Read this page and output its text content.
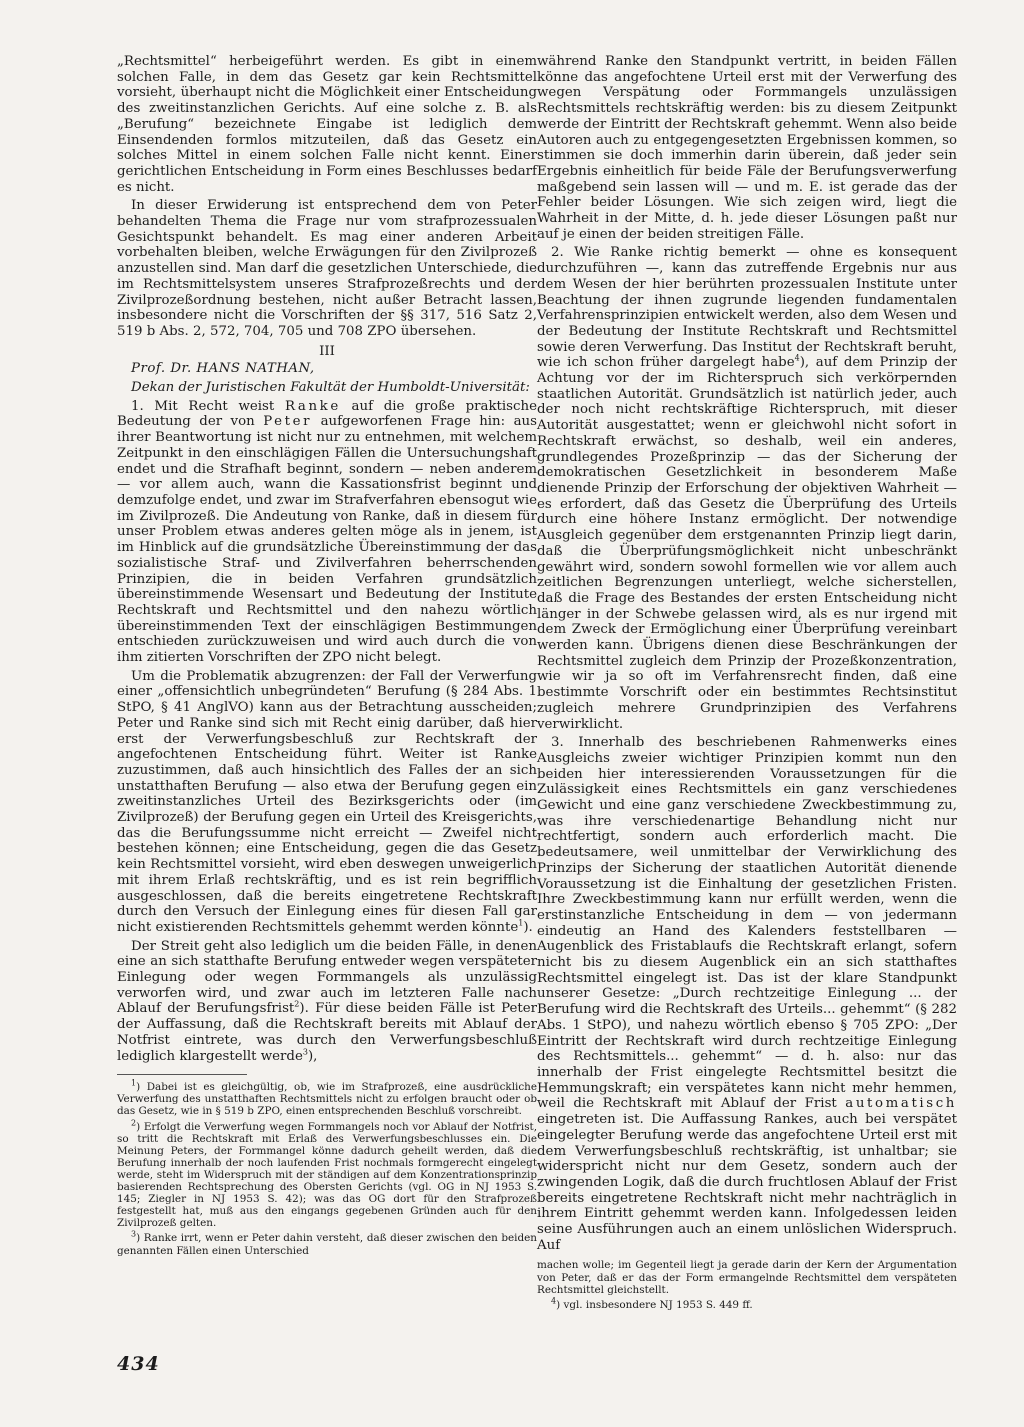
„Rechtsmittel“ herbeigeführt werden. Es gibt in einem solchen Falle, in dem das Gesetz gar kein Rechtsmittel vorsieht, überhaupt nicht die Möglichkeit einer Entscheidung des zweitinstanzlichen Gerichts. Auf eine solche z. B. als „Berufung“ bezeichnete Eingabe ist lediglich dem Einsendenden formlos mitzuteilen, daß das Gesetz ein solches Mittel in einem solchen Falle nicht kennt. Einer gerichtlichen Entscheidung in Form eines Beschlusses bedarf es nicht.

In dieser Erwiderung ist entsprechend dem von Peter behandelten Thema die Frage nur vom strafprozessualen Gesichtspunkt behandelt. Es mag einer anderen Arbeit vorbehalten bleiben, welche Erwägungen für den Zivilprozeß anzustellen sind. Man darf die gesetzlichen Unterschiede, die im Rechtsmittelsystem unseres Strafprozeßrechts und der Zivilprozeßordnung bestehen, nicht außer Betracht lassen, insbesondere nicht die Vorschriften der §§ 317, 516 Satz 2, 519 b Abs. 2, 572, 704, 705 und 708 ZPO übersehen.

III

Prof. Dr. HANS NATHAN,

Dekan der Juristischen Fakultät der Humboldt-Universität:

1. Mit Recht weist Ranke auf die große praktische Bedeutung der von Peter aufgeworfenen Frage hin: aus ihrer Beantwortung ist nicht nur zu entnehmen, mit welchem Zeitpunkt in den einschlägigen Fällen die Untersuchungshaft endet und die Strafhaft beginnt, sondern — neben anderem — vor allem auch, wann die Kassationsfrist beginnt und demzufolge endet, und zwar im Strafverfahren ebensogut wie im Zivilprozeß. Die Andeutung von Ranke, daß in diesem für unser Problem etwas anderes gelten möge als in jenem, ist im Hinblick auf die grundsätzliche Übereinstimmung der das sozialistische Straf- und Zivilverfahren beherrschenden Prinzipien, die in beiden Verfahren grundsätzlich übereinstimmende Wesensart und Bedeutung der Institute Rechtskraft und Rechtsmittel und den nahezu wörtlich übereinstimmenden Text der einschlägigen Bestimmungen entschieden zurückzuweisen und wird auch durch die von ihm zitierten Vorschriften der ZPO nicht belegt.

Um die Problematik abzugrenzen: der Fall der Verwerfung einer „offensichtlich unbegründeten“ Berufung (§ 284 Abs. 1 StPO, § 41 AnglVO) kann aus der Betrachtung ausscheiden; Peter und Ranke sind sich mit Recht einig darüber, daß hier erst der Verwerfungsbeschluß zur Rechtskraft der angefochtenen Entscheidung führt. Weiter ist Ranke zuzustimmen, daß auch hinsichtlich des Falles der an sich unstatthaften Berufung — also etwa der Berufung gegen ein zweitinstanzliches Urteil des Bezirksgerichts oder (im Zivilprozeß) der Berufung gegen ein Urteil des Kreisgerichts, das die Berufungssumme nicht erreicht — Zweifel nicht bestehen können; eine Entscheidung, gegen die das Gesetz kein Rechtsmittel vorsieht, wird eben deswegen unweigerlich mit ihrem Erlaß rechtskräftig, und es ist rein begrifflich ausgeschlossen, daß die bereits eingetretene Rechtskraft durch den Versuch der Einlegung eines für diesen Fall gar nicht existierenden Rechtsmittels gehemmt werden könnte$^1$).

Der Streit geht also lediglich um die beiden Fälle, in denen eine an sich statthafte Berufung entweder wegen verspäteter Einlegung oder wegen Formmangels als unzulässig verworfen wird, und zwar auch im letzteren Falle nach Ablauf der Berufungsfrist$^2$). Für diese beiden Fälle ist Peter der Auffassung, daß die Rechtskraft bereits mit Ablauf der Notfrist eintrete, was durch den Verwerfungsbeschluß lediglich klargestellt werde$^3$),

$^1$) Dabei ist es gleichgültig, ob, wie im Strafprozeß, eine ausdrückliche Verwerfung des unstatthaften Rechtsmittels nicht zu erfolgen braucht oder ob das Gesetz, wie in § 519 b ZPO, einen entsprechenden Beschluß vorschreibt.

$^2$) Erfolgt die Verwerfung wegen Formmangels noch vor Ablauf der Notfrist, so tritt die Rechtskraft mit Erlaß des Verwerfungsbeschlusses ein. Die Meinung Peters, der Formmangel könne dadurch geheilt werden, daß die Berufung innerhalb der noch laufenden Frist nochmals formgerecht eingelegt werde, steht im Widerspruch mit der ständigen auf dem Konzentrationsprinzip basierenden Rechtsprechung des Obersten Gerichts (vgl. OG in NJ 1953 S. 145; Ziegler in NJ 1953 S. 42); was das OG dort für den Strafprozeß festgestellt hat, muß aus den eingangs gegebenen Gründen auch für den Zivilprozeß gelten.

$^3$) Ranke irrt, wenn er Peter dahin versteht, daß dieser zwischen den beiden genannten Fällen einen Unterschied

während Ranke den Standpunkt vertritt, in beiden Fällen könne das angefochtene Urteil erst mit der Verwerfung des wegen Verspätung oder Formmangels unzulässigen Rechtsmittels rechtskräftig werden: bis zu diesem Zeitpunkt werde der Eintritt der Rechtskraft gehemmt. Wenn also beide Autoren auch zu entgegengesetzten Ergebnissen kommen, so stimmen sie doch immerhin darin überein, daß jeder sein Ergebnis einheitlich für beide Fäle der Berufungsverwerfung maßgebend sein lassen will — und m. E. ist gerade das der Fehler beider Lösungen. Wie sich zeigen wird, liegt die Wahrheit in der Mitte, d. h. jede dieser Lösungen paßt nur auf je einen der beiden streitigen Fälle.

2. Wie Ranke richtig bemerkt — ohne es konsequent durchzuführen —, kann das zutreffende Ergebnis nur aus dem Wesen der hier berührten prozessualen Institute unter Beachtung der ihnen zugrunde liegenden fundamentalen Verfahrensprinzipien entwickelt werden, also dem Wesen und der Bedeutung der Institute Rechtskraft und Rechtsmittel sowie deren Verwerfung. Das Institut der Rechtskraft beruht, wie ich schon früher dargelegt habe$^4$), auf dem Prinzip der Achtung vor der im Richterspruch sich verkörpernden staatlichen Autorität. Grundsätzlich ist natürlich jeder, auch der noch nicht rechtskräftige Richterspruch, mit dieser Autorität ausgestattet; wenn er gleichwohl nicht sofort in Rechtskraft erwächst, so deshalb, weil ein anderes, grundlegendes Prozeßprinzip — das der Sicherung der demokratischen Gesetzlichkeit in besonderem Maße dienende Prinzip der Erforschung der objektiven Wahrheit — es erfordert, daß das Gesetz die Überprüfung des Urteils durch eine höhere Instanz ermöglicht. Der notwendige Ausgleich gegenüber dem erstgenannten Prinzip liegt darin, daß die Überprüfungsmöglichkeit nicht unbeschränkt gewährt wird, sondern sowohl formellen wie vor allem auch zeitlichen Begrenzungen unterliegt, welche sicherstellen, daß die Frage des Bestandes der ersten Entscheidung nicht länger in der Schwebe gelassen wird, als es nur irgend mit dem Zweck der Ermöglichung einer Überprüfung vereinbart werden kann. Übrigens dienen diese Beschränkungen der Rechtsmittel zugleich dem Prinzip der Prozeßkonzentration, wie wir ja so oft im Verfahrensrecht finden, daß eine bestimmte Vorschrift oder ein bestimmtes Rechtsinstitut zugleich mehrere Grundprinzipien des Verfahrens verwirklicht.

3. Innerhalb des beschriebenen Rahmenwerks eines Ausgleichs zweier wichtiger Prinzipien kommt nun den beiden hier interessierenden Voraussetzungen für die Zulässigkeit eines Rechtsmittels ein ganz verschiedenes Gewicht und eine ganz verschiedene Zweckbestimmung zu, was ihre verschiedenartige Behandlung nicht nur rechtfertigt, sondern auch erforderlich macht. Die bedeutsamere, weil unmittelbar der Verwirklichung des Prinzips der Sicherung der staatlichen Autorität dienende Voraussetzung ist die Einhaltung der gesetzlichen Fristen. Ihre Zweckbestimmung kann nur erfüllt werden, wenn die erstinstanzliche Entscheidung in dem — von jedermann eindeutig an Hand des Kalenders feststellbaren — Augenblick des Fristablaufs die Rechtskraft erlangt, sofern nicht bis zu diesem Augenblick ein an sich statthaftes Rechtsmittel eingelegt ist. Das ist der klare Standpunkt unserer Gesetze: „Durch rechtzeitige Einlegung ... der Berufung wird die Rechtskraft des Urteils... gehemmt“ (§ 282 Abs. 1 StPO), und nahezu wörtlich ebenso § 705 ZPO: „Der Eintritt der Rechtskraft wird durch rechtzeitige Einlegung des Rechtsmittels... gehemmt“ — d. h. also: nur das innerhalb der Frist eingelegte Rechtsmittel besitzt die Hemmungskraft; ein verspätetes kann nicht mehr hemmen, weil die Rechtskraft mit Ablauf der Frist automatisch eingetreten ist. Die Auffassung Rankes, auch bei verspätet eingelegter Berufung werde das angefochtene Urteil erst mit dem Verwerfungsbeschluß rechtskräftig, ist unhaltbar; sie widerspricht nicht nur dem Gesetz, sondern auch der zwingenden Logik, daß die durch fruchtlosen Ablauf der Frist bereits eingetretene Rechtskraft nicht mehr nachträglich in ihrem Eintritt gehemmt werden kann. Infolgedessen leiden seine Ausführungen auch an einem unlöslichen Widerspruch. Auf

machen wolle; im Gegenteil liegt ja gerade darin der Kern der Argumentation von Peter, daß er das der Form ermangelnde Rechtsmittel dem verspäteten Rechtsmittel gleichstellt.

$^4$) vgl. insbesondere NJ 1953 S. 449 ff.

434
